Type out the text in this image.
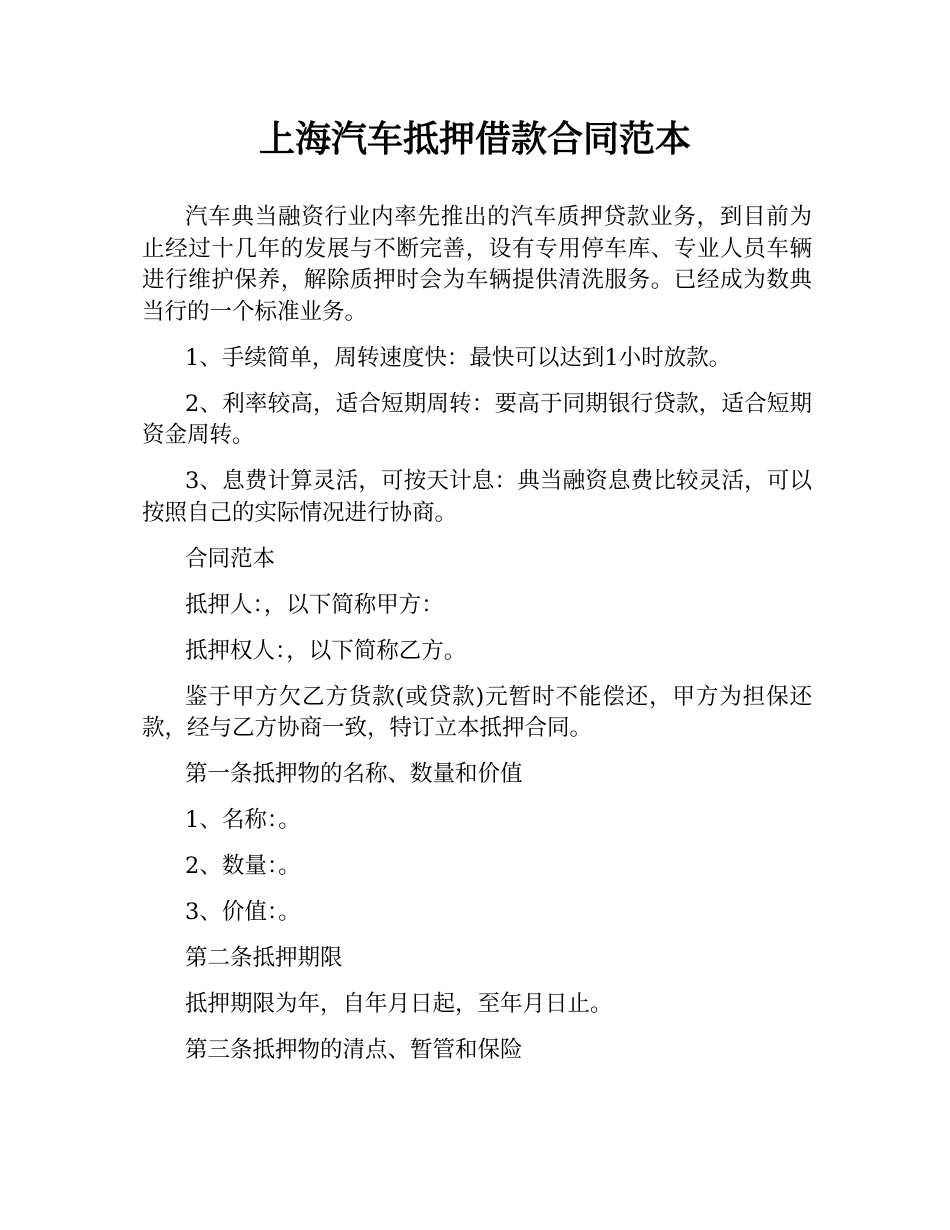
上海汽车抵押借款合同范本

汽车典当融资行业内率先推出的汽车质押贷款业务，到目前为止经过十几年的发展与不断完善，设有专用停车库、专业人员车辆进行维护保养，解除质押时会为车辆提供清洗服务。已经成为数典当行的一个标准业务。

1、手续简单，周转速度快：最快可以达到1小时放款。

2、利率较高，适合短期周转：要高于同期银行贷款，适合短期资金周转。

3、息费计算灵活，可按天计息：典当融资息费比较灵活，可以按照自己的实际情况进行协商。

合同范本

抵押人：，以下简称甲方：

抵押权人：，以下简称乙方。

鉴于甲方欠乙方货款(或贷款)元暂时不能偿还，甲方为担保还款，经与乙方协商一致，特订立本抵押合同。

第一条抵押物的名称、数量和价值

1、名称：。

2、数量：。

3、价值：。

第二条抵押期限

抵押期限为年，自年月日起，至年月日止。

第三条抵押物的清点、暂管和保险
